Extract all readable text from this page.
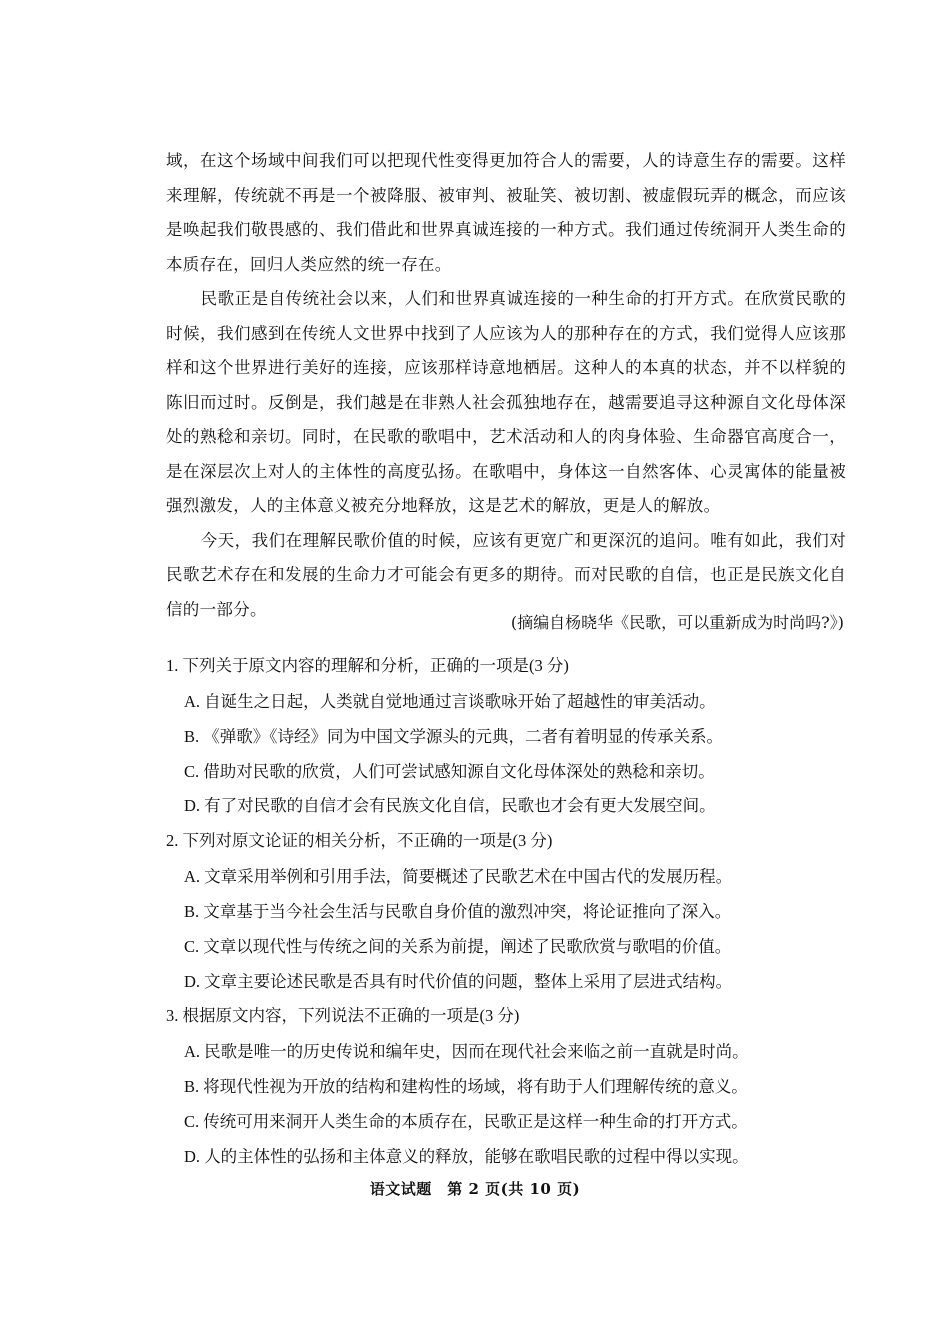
域，在这个场域中间我们可以把现代性变得更加符合人的需要，人的诗意生存的需要。这样来理解，传统就不再是一个被降服、被审判、被耻笑、被切割、被虚假玩弄的概念，而应该是唤起我们敬畏感的、我们借此和世界真诚连接的一种方式。我们通过传统洞开人类生命的本质存在，回归人类应然的统一存在。

民歌正是自传统社会以来，人们和世界真诚连接的一种生命的打开方式。在欣赏民歌的时候，我们感到在传统人文世界中找到了人应该为人的那种存在的方式，我们觉得人应该那样和这个世界进行美好的连接，应该那样诗意地栖居。这种人的本真的状态，并不以样貌的陈旧而过时。反倒是，我们越是在非熟人社会孤独地存在，越需要追寻这种源自文化母体深处的熟稔和亲切。同时，在民歌的歌唱中，艺术活动和人的肉身体验、生命器官高度合一，是在深层次上对人的主体性的高度弘扬。在歌唱中，身体这一自然客体、心灵寓体的能量被强烈激发，人的主体意义被充分地释放，这是艺术的解放，更是人的解放。

今天，我们在理解民歌价值的时候，应该有更宽广和更深沉的追问。唯有如此，我们对民歌艺术存在和发展的生命力才可能会有更多的期待。而对民歌的自信，也正是民族文化自信的一部分。

(摘编自杨晓华《民歌，可以重新成为时尚吗?》)
1. 下列关于原文内容的理解和分析，正确的一项是(3 分)
A. 自诞生之日起，人类就自觉地通过言谈歌咏开始了超越性的审美活动。
B. 《弹歌》《诗经》同为中国文学源头的元典，二者有着明显的传承关系。
C. 借助对民歌的欣赏，人们可尝试感知源自文化母体深处的熟稔和亲切。
D. 有了对民歌的自信才会有民族文化自信，民歌也才会有更大发展空间。
2. 下列对原文论证的相关分析，不正确的一项是(3 分)
A. 文章采用举例和引用手法，简要概述了民歌艺术在中国古代的发展历程。
B. 文章基于当今社会生活与民歌自身价值的激烈冲突，将论证推向了深入。
C. 文章以现代性与传统之间的关系为前提，阐述了民歌欣赏与歌唱的价值。
D. 文章主要论述民歌是否具有时代价值的问题，整体上采用了层进式结构。
3. 根据原文内容，下列说法不正确的一项是(3 分)
A. 民歌是唯一的历史传说和编年史，因而在现代社会来临之前一直就是时尚。
B. 将现代性视为开放的结构和建构性的场域，将有助于人们理解传统的意义。
C. 传统可用来洞开人类生命的本质存在，民歌正是这样一种生命的打开方式。
D. 人的主体性的弘扬和主体意义的释放，能够在歌唱民歌的过程中得以实现。
语文试题　第 2 页(共 10 页)
